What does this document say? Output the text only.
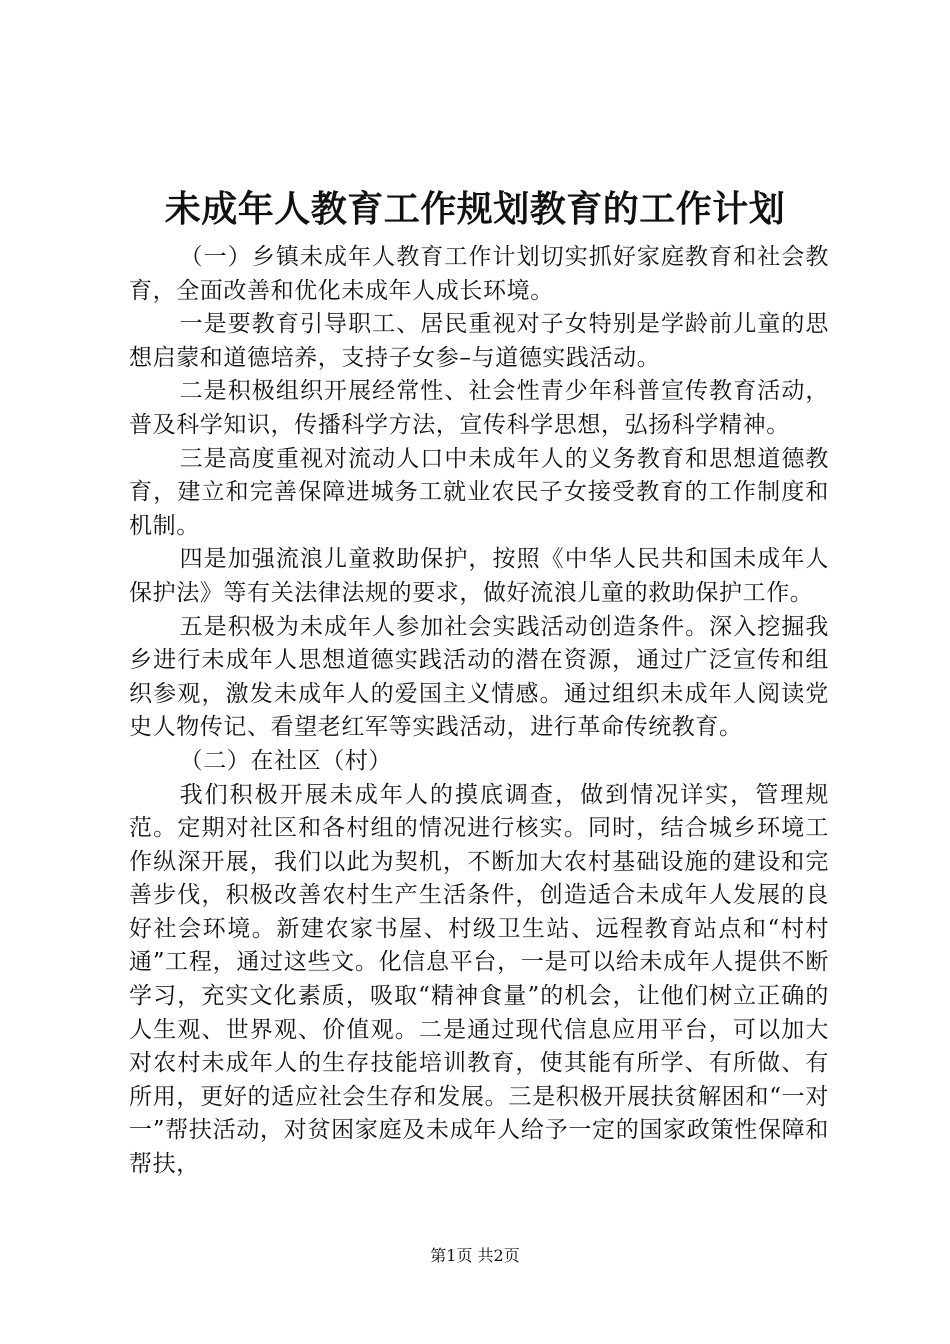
未成年人教育工作规划教育的工作计划

（一）乡镇未成年人教育工作计划切实抓好家庭教育和社会教育，全面改善和优化未成年人成长环境。

一是要教育引导职工、居民重视对子女特别是学龄前儿童的思想启蒙和道德培养，支持子女参–与道德实践活动。

二是积极组织开展经常性、社会性青少年科普宣传教育活动，普及科学知识，传播科学方法，宣传科学思想，弘扬科学精神。

三是高度重视对流动人口中未成年人的义务教育和思想道德教育，建立和完善保障进城务工就业农民子女接受教育的工作制度和机制。

四是加强流浪儿童救助保护，按照《中华人民共和国未成年人保护法》等有关法律法规的要求，做好流浪儿童的救助保护工作。

五是积极为未成年人参加社会实践活动创造条件。深入挖掘我乡进行未成年人思想道德实践活动的潜在资源，通过广泛宣传和组织参观，激发未成年人的爱国主义情感。通过组织未成年人阅读党史人物传记、看望老红军等实践活动，进行革命传统教育。

（二）在社区（村）

我们积极开展未成年人的摸底调查，做到情况详实，管理规范。定期对社区和各村组的情况进行核实。同时，结合城乡环境工作纵深开展，我们以此为契机，不断加大农村基础设施的建设和完善步伐，积极改善农村生产生活条件，创造适合未成年人发展的良好社会环境。新建农家书屋、村级卫生站、远程教育站点和“村村通”工程，通过这些文。化信息平台，一是可以给未成年人提供不断学习，充实文化素质，吸取“精神食量”的机会，让他们树立正确的人生观、世界观、价值观。二是通过现代信息应用平台，可以加大对农村未成年人的生存技能培训教育，使其能有所学、有所做、有所用，更好的适应社会生存和发展。三是积极开展扶贫解困和“一对一”帮扶活动，对贫困家庭及未成年人给予一定的国家政策性保障和帮扶，

第1页 共2页
